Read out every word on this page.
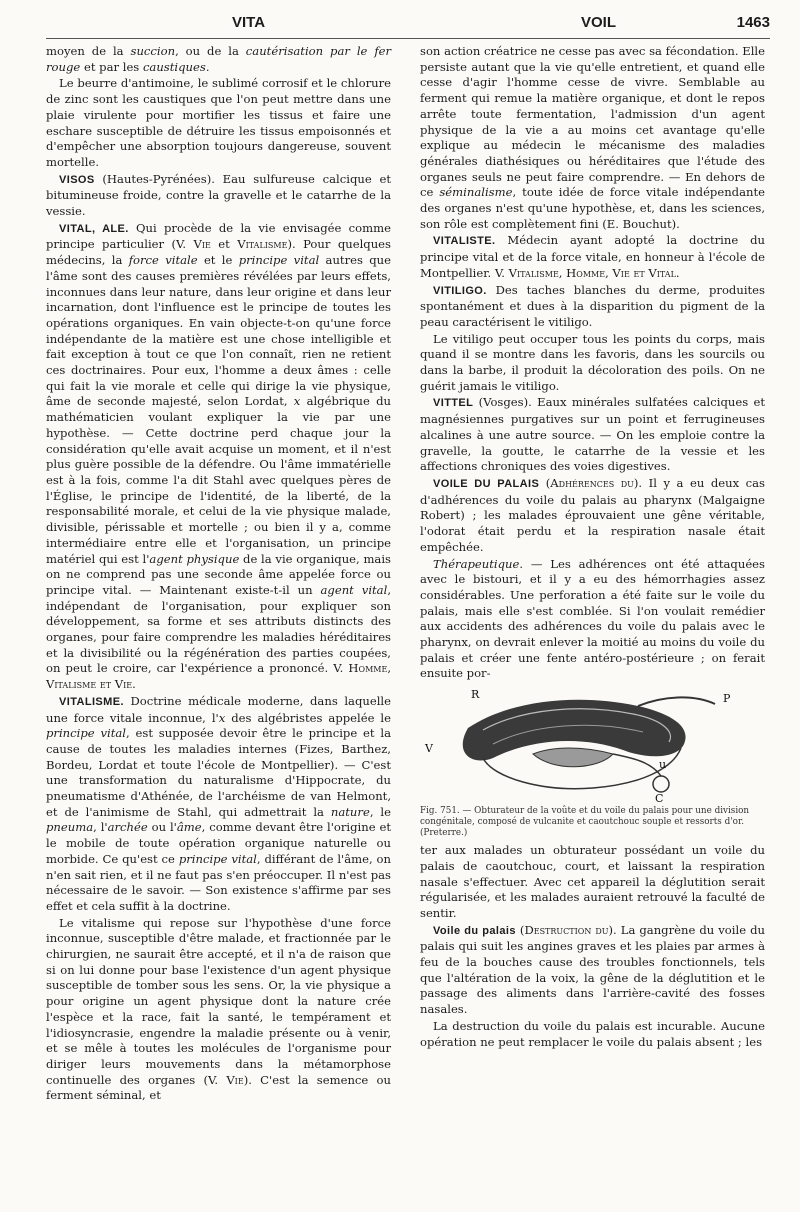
VITA	VOIL	1463

moyen de la succion, ou de la cautérisation par le fer rouge et par les caustiques.

Le beurre d'antimoine, le sublimé corrosif et le chlorure de zinc sont les caustiques que l'on peut mettre dans une plaie virulente pour mortifier les tissus et faire une eschare susceptible de détruire les tissus empoisonnés et d'empêcher une absorption toujours dangereuse, souvent mortelle.

VISOS (Hautes-Pyrénées). Eau sulfureuse calcique et bitumineuse froide, contre la gravelle et le catarrhe de la vessie.

VITAL, ALE. Qui procède de la vie envisagée comme principe particulier (V. Vie et Vitalisme). Pour quelques médecins, la force vitale et le principe vital autres que l'âme sont des causes premières révélées par leurs effets, inconnues dans leur nature, dans leur origine et dans leur incarnation, dont l'influence est le principe de toutes les opérations organiques. En vain objecte-t-on qu'une force indépendante de la matière est une chose intelligible et fait exception à tout ce que l'on connaît, rien ne retient ces doctrinaires. Pour eux, l'homme a deux âmes : celle qui fait la vie morale et celle qui dirige la vie physique, âme de seconde majesté, selon Lordat, x algébrique du mathématicien voulant expliquer la vie par une hypothèse. — Cette doctrine perd chaque jour la considération qu'elle avait acquise un moment, et il n'est plus guère possible de la défendre. Ou l'âme immatérielle est à la fois, comme l'a dit Stahl avec quelques pères de l'Église, le principe de l'identité, de la liberté, de la responsabilité morale, et celui de la vie physique malade, divisible, périssable et mortelle ; ou bien il y a, comme intermédiaire entre elle et l'organisation, un principe matériel qui est l'agent physique de la vie organique, mais on ne comprend pas une seconde âme appelée force ou principe vital. — Maintenant existe-t-il un agent vital, indépendant de l'organisation, pour expliquer son développement, sa forme et ses attributs distincts des organes, pour faire comprendre les maladies héréditaires et la divisibilité ou la régénération des parties coupées, on peut le croire, car l'expérience a prononcé. V. Homme, Vitalisme et Vie.

VITALISME. Doctrine médicale moderne, dans laquelle une force vitale inconnue, l'x des algébristes appelée le principe vital, est supposée devoir être le principe et la cause de toutes les maladies internes (Fizes, Barthez, Bordeu, Lordat et toute l'école de Montpellier). — C'est une transformation du naturalisme d'Hippocrate, du pneumatisme d'Athénée, de l'archéisme de van Helmont, et de l'animisme de Stahl, qui admettrait la nature, le pneuma, l'archée ou l'âme, comme devant être l'origine et le mobile de toute opération organique naturelle ou morbide. Ce qu'est ce principe vital, différant de l'âme, on n'en sait rien, et il ne faut pas s'en préoccuper. Il n'est pas nécessaire de le savoir. — Son existence s'affirme par ses effet et cela suffit à la doctrine.

Le vitalisme qui repose sur l'hypothèse d'une force inconnue, susceptible d'être malade, et fractionnée par le chirurgien, ne saurait être accepté, et il n'a de raison que si on lui donne pour base l'existence d'un agent physique susceptible de tomber sous les sens. Or, la vie physique a pour origine un agent physique dont la nature crée l'espèce et la race, fait la santé, le tempérament et l'idiosyncrasie, engendre la maladie présente ou à venir, et se mêle à toutes les molécules de l'organisme pour diriger leurs mouvements dans la métamorphose continuelle des organes (V. Vie). C'est la semence ou ferment séminal, et

son action créatrice ne cesse pas avec sa fécondation. Elle persiste autant que la vie qu'elle entretient, et quand elle cesse d'agir l'homme cesse de vivre. Semblable au ferment qui remue la matière organique, et dont le repos arrête toute fermentation, l'admission d'un agent physique de la vie a au moins cet avantage qu'elle explique au médecin le mécanisme des maladies générales diathésiques ou héréditaires que l'étude des organes seuls ne peut faire comprendre. — En dehors de ce séminalisme, toute idée de force vitale indépendante des organes n'est qu'une hypothèse, et, dans les sciences, son rôle est complètement fini (E. Bouchut).

VITALISTE. Médecin ayant adopté la doctrine du principe vital et de la force vitale, en honneur à l'école de Montpellier. V. Vitalisme, Homme, Vie et Vital.

VITILIGO. Des taches blanches du derme, produites spontanément et dues à la disparition du pigment de la peau caractérisent le vitiligo.

Le vitiligo peut occuper tous les points du corps, mais quand il se montre dans les favoris, dans les sourcils ou dans la barbe, il produit la décoloration des poils. On ne guérit jamais le vitiligo.

VITTEL (Vosges). Eaux minérales sulfatées calciques et magnésiennes purgatives sur un point et ferrugineuses alcalines à une autre source. — On les emploie contre la gravelle, la goutte, le catarrhe de la vessie et les affections chroniques des voies digestives.

VOILE DU PALAIS (Adhérences du). Il y a eu deux cas d'adhérences du voile du palais au pharynx (Malgaigne Robert) ; les malades éprouvaient une gêne véritable, l'odorat était perdu et la respiration nasale était empêchée.

Thérapeutique. — Les adhérences ont été attaquées avec le bistouri, et il y a eu des hémorrhagies assez considérables. Une perforation a été faite sur le voile du palais, mais elle s'est comblée. Si l'on voulait remédier aux accidents des adhérences du voile du palais avec le pharynx, on devrait enlever la moitié au moins du voile du palais et créer une fente antéro-postérieure ; on ferait ensuite por-

R	P
V
u
C

Fig. 751. — Obturateur de la voûte et du voile du palais pour une division congénitale, composé de vulcanite et caoutchouc souple et ressorts d'or. (Preterre.)

ter aux malades un obturateur possédant un voile du palais de caoutchouc, court, et laissant la respiration nasale s'effectuer. Avec cet appareil la déglutition serait régularisée, et les malades auraient retrouvé la faculté de sentir.

Voile du palais (Destruction du). La gangrène du voile du palais qui suit les angines graves et les plaies par armes à feu de la bouches cause des troubles fonctionnels, tels que l'altération de la voix, la gêne de la déglutition et le passage des aliments dans l'arrière-cavité des fosses nasales.

La destruction du voile du palais est incurable. Aucune opération ne peut remplacer le voile du palais absent ; les
